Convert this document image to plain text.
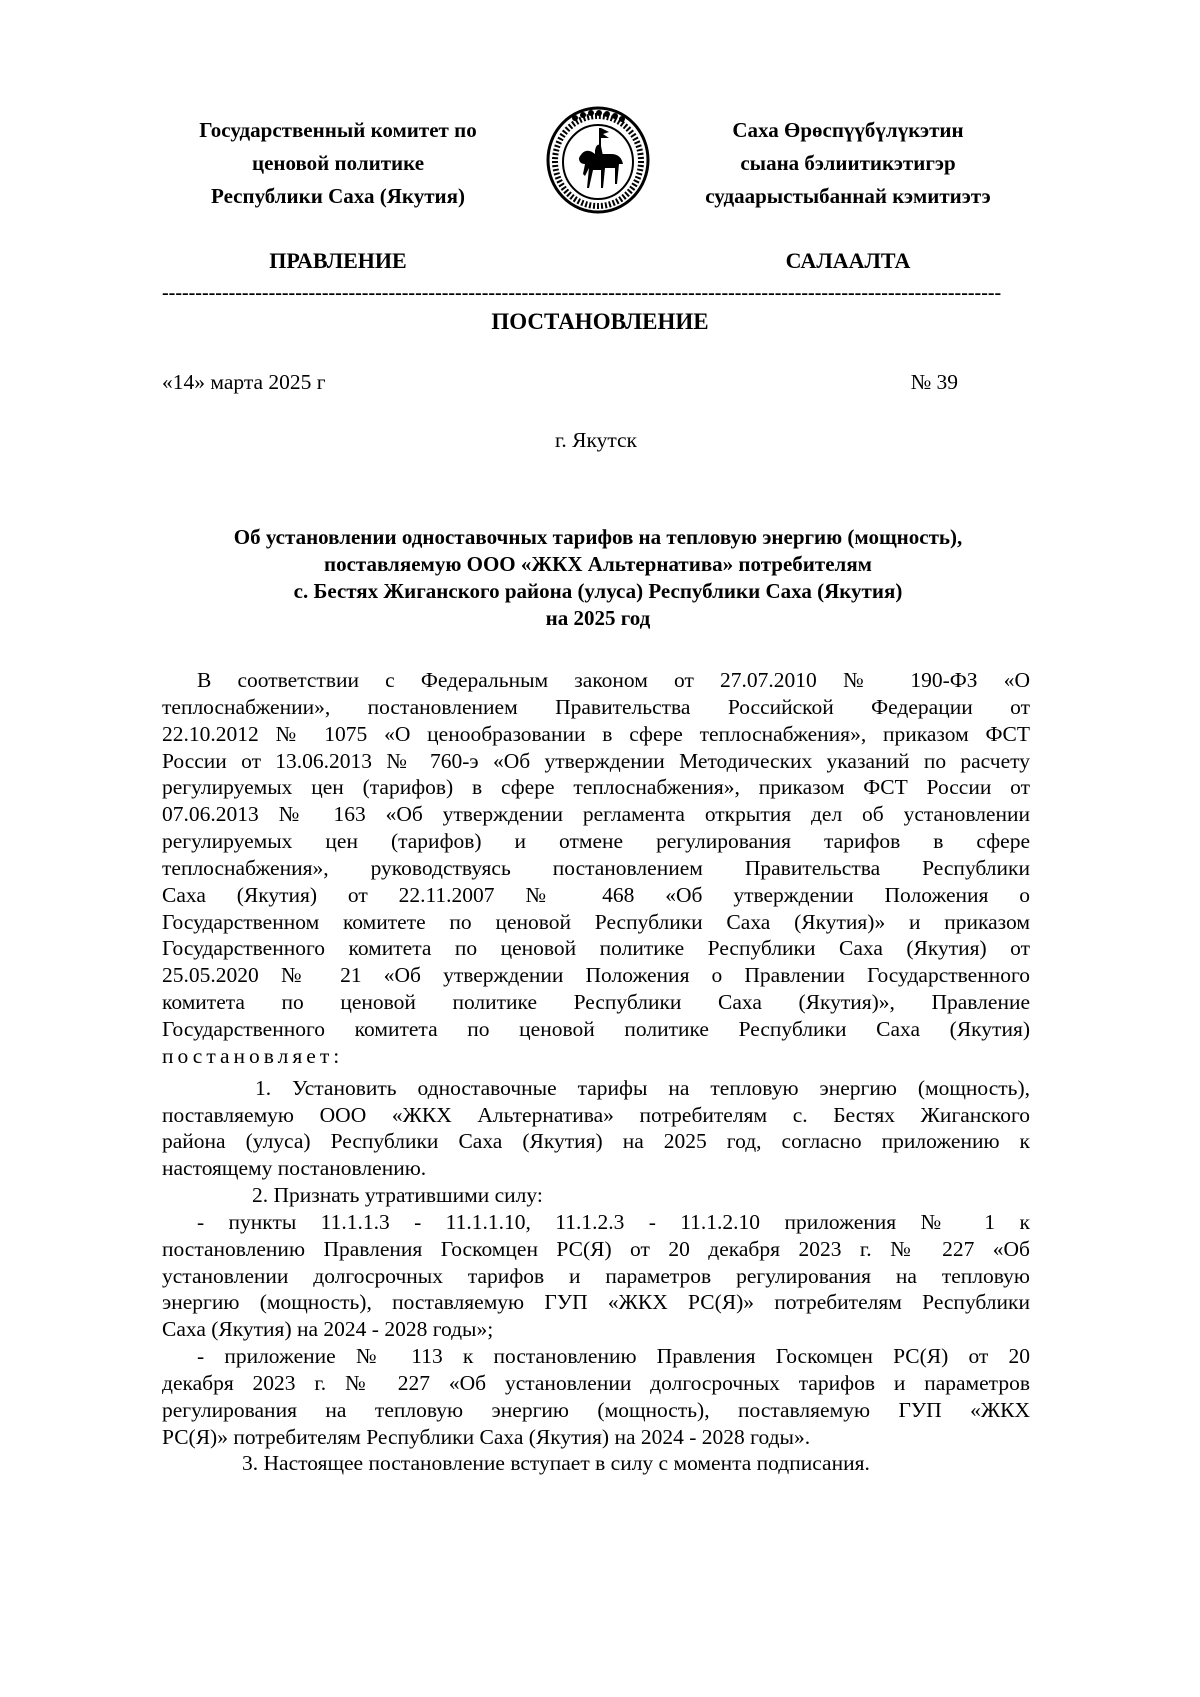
Государственный комитет по
ценовой политике
Республики Саха (Якутия)
Саха Өрөспүүбүлүкэтин
сыана бэлиитикэтигэр
судаарыстыбаннай кэмитиэтэ
ПРАВЛЕНИЕ	САЛААЛТА
------------------------------------------------------------------------------------------------------------------------------
ПОСТАНОВЛЕНИЕ
«14» марта 2025 г	№ 39
г. Якутск
Об установлении одноставочных тарифов на тепловую энергию (мощность),
поставляемую ООО «ЖКХ Альтернатива» потребителям
с. Бестях Жиганского района (улуса) Республики Саха (Якутия)
на 2025 год
В соответствии с Федеральным законом от 27.07.2010 № 190-ФЗ «О
теплоснабжении», постановлением Правительства Российской Федерации от
22.10.2012 № 1075 «О ценообразовании в сфере теплоснабжения», приказом ФСТ
России от 13.06.2013 № 760-э «Об утверждении Методических указаний по расчету
регулируемых цен (тарифов) в сфере теплоснабжения», приказом ФСТ России от
07.06.2013 № 163 «Об утверждении регламента открытия дел об установлении
регулируемых цен (тарифов) и отмене регулирования тарифов в сфере
теплоснабжения», руководствуясь постановлением Правительства Республики
Саха (Якутия) от 22.11.2007 № 468 «Об утверждении Положения о
Государственном комитете по ценовой Республики Саха (Якутия)» и приказом
Государственного комитета по ценовой политике Республики Саха (Якутия) от
25.05.2020 № 21 «Об утверждении Положения о Правлении Государственного
комитета по ценовой политике Республики Саха (Якутия)», Правление
Государственного комитета по ценовой политике Республики Саха (Якутия)
постановляет:
1. Установить одноставочные тарифы на тепловую энергию (мощность),
поставляемую ООО «ЖКХ Альтернатива» потребителям с. Бестях Жиганского
района (улуса) Республики Саха (Якутия) на 2025 год, согласно приложению к
настоящему постановлению.
2. Признать утратившими силу:
- пункты 11.1.1.3 - 11.1.1.10, 11.1.2.3 - 11.1.2.10 приложения № 1 к
постановлению Правления Госкомцен РС(Я) от 20 декабря 2023 г. № 227 «Об
установлении долгосрочных тарифов и параметров регулирования на тепловую
энергию (мощность), поставляемую ГУП «ЖКХ РС(Я)» потребителям Республики
Саха (Якутия) на 2024 - 2028 годы»;
- приложение № 113 к постановлению Правления Госкомцен РС(Я) от 20
декабря 2023 г. № 227 «Об установлении долгосрочных тарифов и параметров
регулирования на тепловую энергию (мощность), поставляемую ГУП «ЖКХ
РС(Я)» потребителям Республики Саха (Якутия) на 2024 - 2028 годы».
3. Настоящее постановление вступает в силу с момента подписания.
